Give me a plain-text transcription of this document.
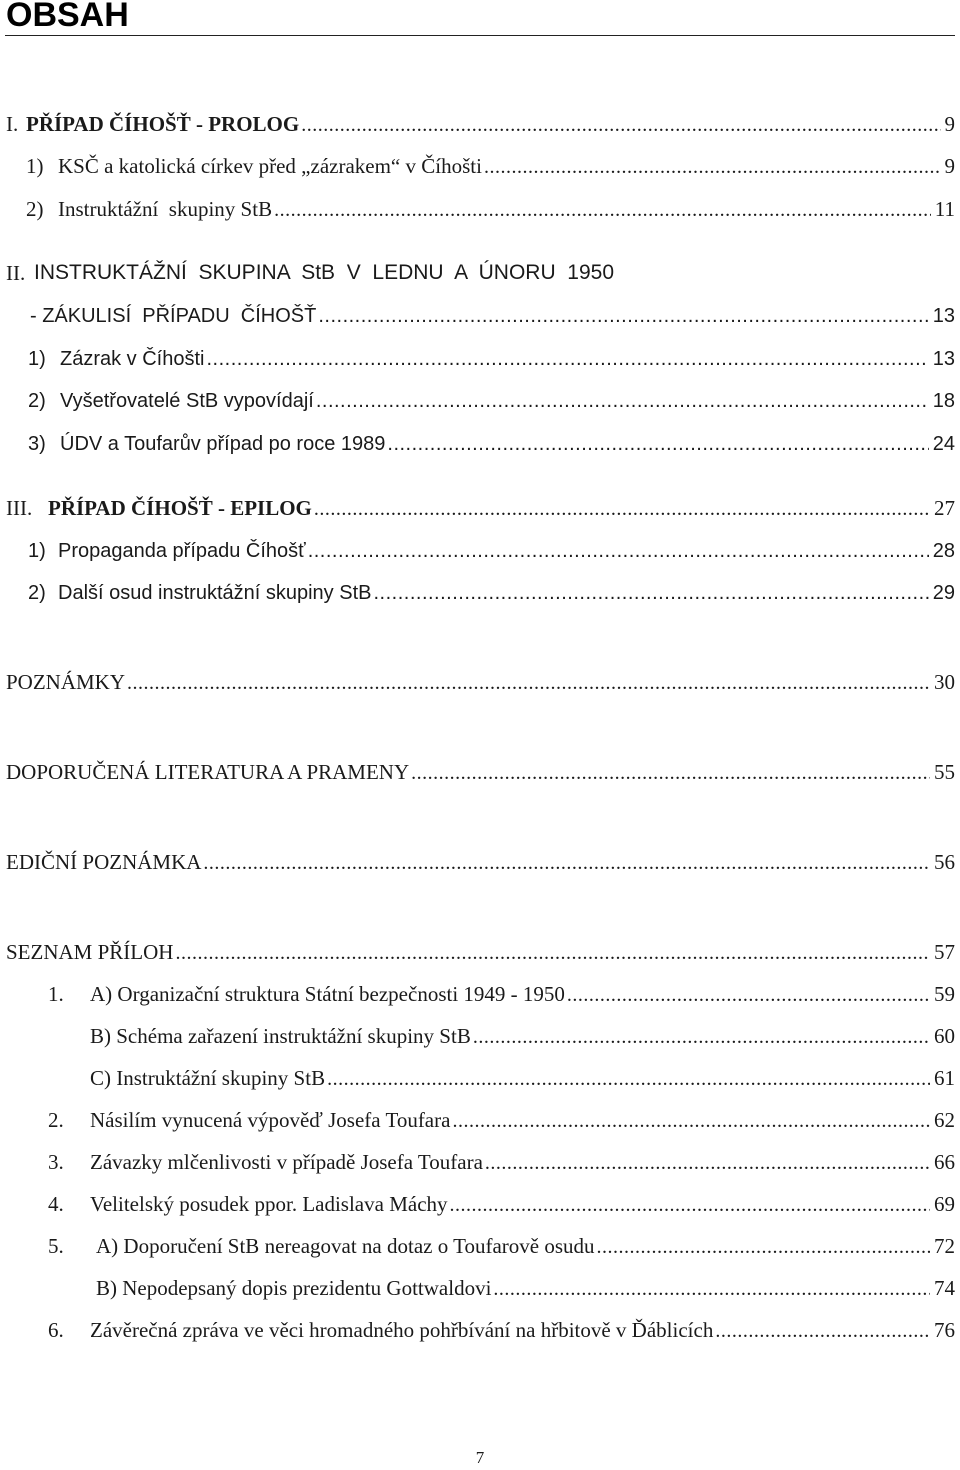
OBSAH
I. PŘÍPAD ČÍHOŠŤ - PROLOG .....	9
1) KSČ a katolická církev před „zázrakem“ v Číhošti .....	9
2) Instruktážní  skupiny StB .....	11
II. INSTRUKTÁŽNÍ  SKUPINA  StB  V  LEDNU  A  ÚNORU  1950
- ZÁKULISÍ  PŘÍPADU  ČÍHOŠŤ .....	13
1) Zázrak v Číhošti .....	13
2) Vyšetřovatelé StB vypovídají .....	18
3) ÚDV a Toufarův případ po roce 1989 .....	24
III. PŘÍPAD ČÍHOŠŤ - EPILOG .....	27
1) Propaganda případu Číhošť .....	28
2) Další osud instruktážní skupiny StB .....	29
POZNÁMKY .....	30
DOPORUČENÁ LITERATURA A PRAMENY .....	55
EDIČNÍ POZNÁMKA .....	56
SEZNAM PŘÍLOH .....	57
1. A) Organizační struktura Státní bezpečnosti 1949 - 1950 .....	59
B) Schéma zařazení instruktážní skupiny StB .....	60
C) Instruktážní skupiny StB .....	61
2. Násilím vynucená výpověď Josefa Toufara .....	62
3. Závazky mlčenlivosti v případě Josefa Toufara .....	66
4. Velitelský posudek ppor. Ladislava Máchy .....	69
5. A) Doporučení StB nereagovat na dotaz o Toufarově osudu .....	72
B) Nepodepsaný dopis prezidentu Gottwaldovi .....	74
6. Závěrečná zpráva ve věci hromadného pohřbívání na hřbitově v Ďáblicích .....	76
7
